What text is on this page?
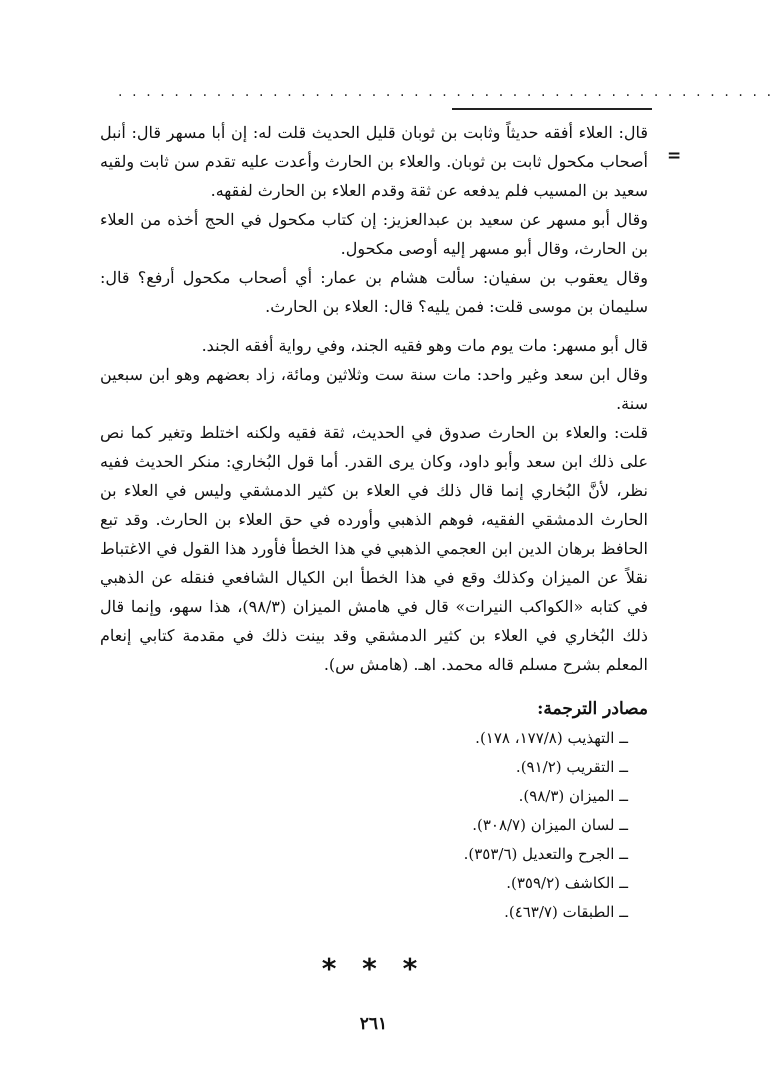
. . . . . . . . . . . . . . . . . . . . . . . . . . . . . . . . . . . . . . . . . . . . . . .
=

قال: العلاء أفقه حديثاً وثابت بن ثوبان قليل الحديث قلت له: إن أبا مسهر قال: أنبل أصحاب مكحول ثابت بن ثوبان. والعلاء بن الحارث وأعدت عليه تقدم سن ثابت ولقيه سعيد بن المسيب فلم يدفعه عن ثقة وقدم العلاء بن الحارث لفقهه.

وقال أبو مسهر عن سعيد بن عبدالعزيز: إن كتاب مكحول في الحج أخذه من العلاء بن الحارث، وقال أبو مسهر إليه أوصى مكحول.

وقال يعقوب بن سفيان: سألت هشام بن عمار: أي أصحاب مكحول أرفع؟ قال: سليمان بن موسى قلت: فمن يليه؟ قال: العلاء بن الحارث.

قال أبو مسهر: مات يوم مات وهو فقيه الجند، وفي رواية أفقه الجند.

وقال ابن سعد وغير واحد: مات سنة ست وثلاثين ومائة، زاد بعضهم وهو ابن سبعين سنة.

قلت: والعلاء بن الحارث صدوق في الحديث، ثقة فقيه ولكنه اختلط وتغير كما نص على ذلك ابن سعد وأبو داود، وكان يرى القدر. أما قول البُخاري: منكر الحديث ففيه نظر، لأنَّ البُخاري إنما قال ذلك في العلاء بن كثير الدمشقي وليس في العلاء بن الحارث الدمشقي الفقيه، فوهم الذهبي وأورده في حق العلاء بن الحارث. وقد تبع الحافظ برهان الدين ابن العجمي الذهبي في هذا الخطأ فأورد هذا القول في الاغتباط نقلاً عن الميزان وكذلك وقع في هذا الخطأ ابن الكيال الشافعي فنقله عن الذهبي في كتابه «الكواكب النيرات» قال في هامش الميزان (٩٨/٣)، هذا سهو، وإنما قال ذلك البُخاري في العلاء بن كثير الدمشقي وقد بينت ذلك في مقدمة كتابي إنعام المعلم بشرح مسلم قاله محمد. اهـ. (هامش س).

مصادر الترجمة:

ــ التهذيب (١٧٧/٨، ١٧٨).
ــ التقريب (٩١/٢).
ــ الميزان (٩٨/٣).
ــ لسان الميزان (٣٠٨/٧).
ــ الجرح والتعديل (٣٥٣/٦).
ــ الكاشف (٣٥٩/٢).
ــ الطبقات (٤٦٣/٧).
* * *
٢٦١
